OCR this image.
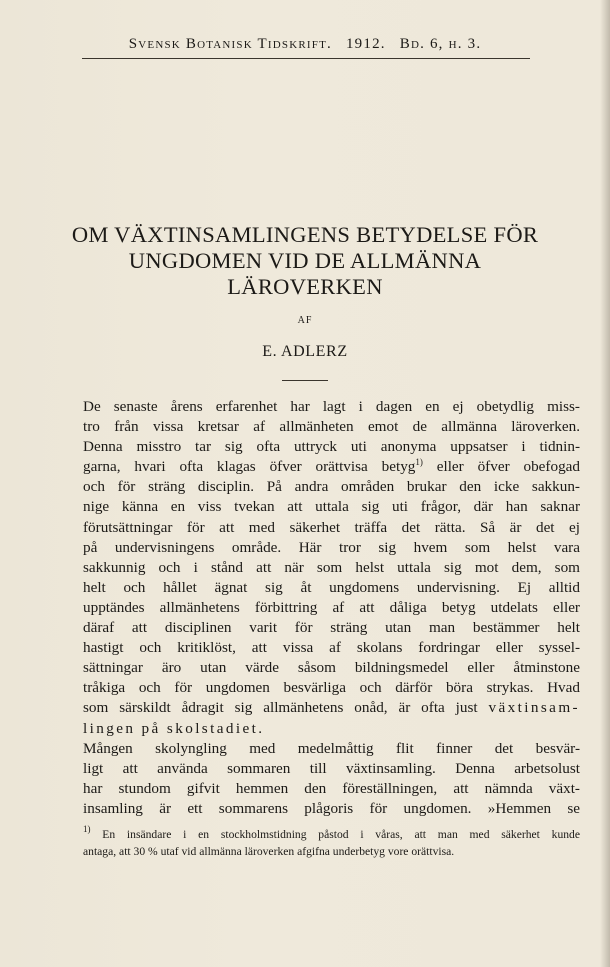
Svensk Botanisk Tidskrift. 1912. Bd. 6, h. 3.
OM VÄXTINSAMLINGENS BETYDELSE FÖR
UNGDOMEN VID DE ALLMÄNNA
LÄROVERKEN
AF
E. ADLERZ
De senaste årens erfarenhet har lagt i dagen en ej obetydlig miss-
tro från vissa kretsar af allmänheten emot de allmänna läroverken.
Denna misstro tar sig ofta uttryck uti anonyma uppsatser i tidnin-
garna, hvari ofta klagas öfver orättvisa betyg$^{1)}$ eller öfver obefogad
och för sträng disciplin. På andra områden brukar den icke sakkun-
nige känna en viss tvekan att uttala sig uti frågor, där han saknar
förutsättningar för att med säkerhet träffa det rätta. Så är det ej
på undervisningens område. Här tror sig hvem som helst vara
sakkunnig och i stånd att när som helst uttala sig mot dem, som
helt och hållet ägnat sig åt ungdomens undervisning. Ej alltid
upptändes allmänhetens förbittring af att dåliga betyg utdelats eller
däraf att disciplinen varit för sträng utan man bestämmer helt
hastigt och kritiklöst, att vissa af skolans fordringar eller syssel-
sättningar äro utan värde såsom bildningsmedel eller åtminstone
tråkiga och för ungdomen besvärliga och därför böra strykas. Hvad
som särskildt ådragit sig allmänhetens onåd, är ofta just växtinsam-
lingen på skolstadiet.
Mången skolyngling med medelmåttig flit finner det besvär-
ligt att använda sommaren till växtinsamling. Denna arbetsolust
har stundom gifvit hemmen den föreställningen, att nämnda växt-
insamling är ett sommarens plågoris för ungdomen. »Hemmen se
$^{1)}$ En insändare i en stockholmstidning påstod i våras, att man med säkerhet kunde
antaga, att 30 % utaf vid allmänna läroverken afgifna underbetyg vore orättvisa.
